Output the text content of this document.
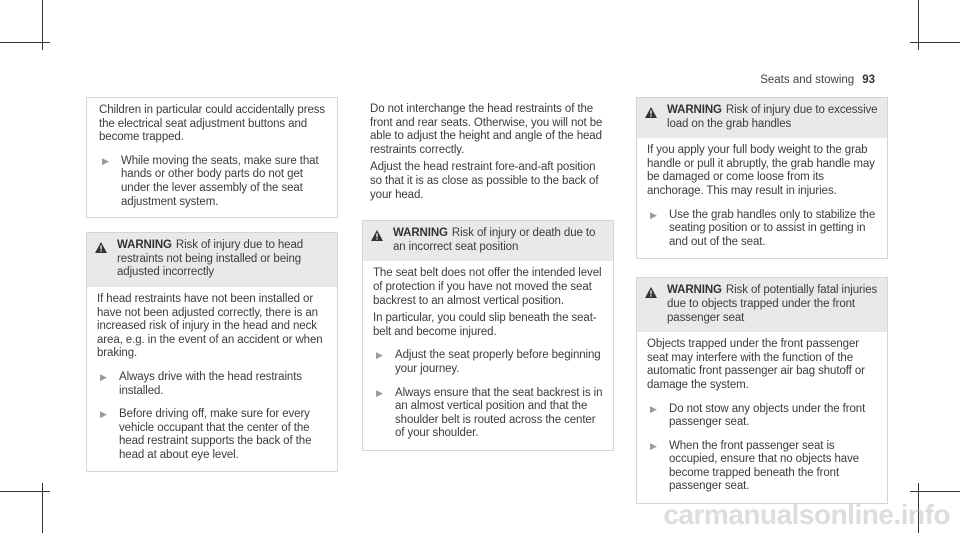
Seats and stowing 93

Children in particular could accidentally press the electrical seat adjustment buttons and become trapped.

▶	While moving the seats, make sure that hands or other body parts do not get under the lever assembly of the seat adjustment system.

WARNING Risk of injury due to head restraints not being installed or being adjusted incorrectly

If head restraints have not been installed or have not been adjusted correctly, there is an increased risk of injury in the head and neck area, e.g. in the event of an accident or when braking.

▶	Always drive with the head restraints installed.

▶	Before driving off, make sure for every vehicle occupant that the center of the head restraint supports the back of the head at about eye level.

Do not interchange the head restraints of the front and rear seats. Otherwise, you will not be able to adjust the height and angle of the head restraints correctly.

Adjust the head restraint fore-and-aft position so that it is as close as possible to the back of your head.

WARNING Risk of injury or death due to an incorrect seat position

The seat belt does not offer the intended level of protection if you have not moved the seat backrest to an almost vertical position.

In particular, you could slip beneath the seat-belt and become injured.

▶	Adjust the seat properly before beginning your journey.

▶	Always ensure that the seat backrest is in an almost vertical position and that the shoulder belt is routed across the center of your shoulder.

WARNING Risk of injury due to excessive load on the grab handles

If you apply your full body weight to the grab handle or pull it abruptly, the grab handle may be damaged or come loose from its anchorage. This may result in injuries.

▶	Use the grab handles only to stabilize the seating position or to assist in getting in and out of the seat.

WARNING Risk of potentially fatal injuries due to objects trapped under the front passenger seat

Objects trapped under the front passenger seat may interfere with the function of the automatic front passenger air bag shutoff or damage the system.

▶	Do not stow any objects under the front passenger seat.

▶	When the front passenger seat is occupied, ensure that no objects have become trapped beneath the front passenger seat.

carmanualsonline.info
